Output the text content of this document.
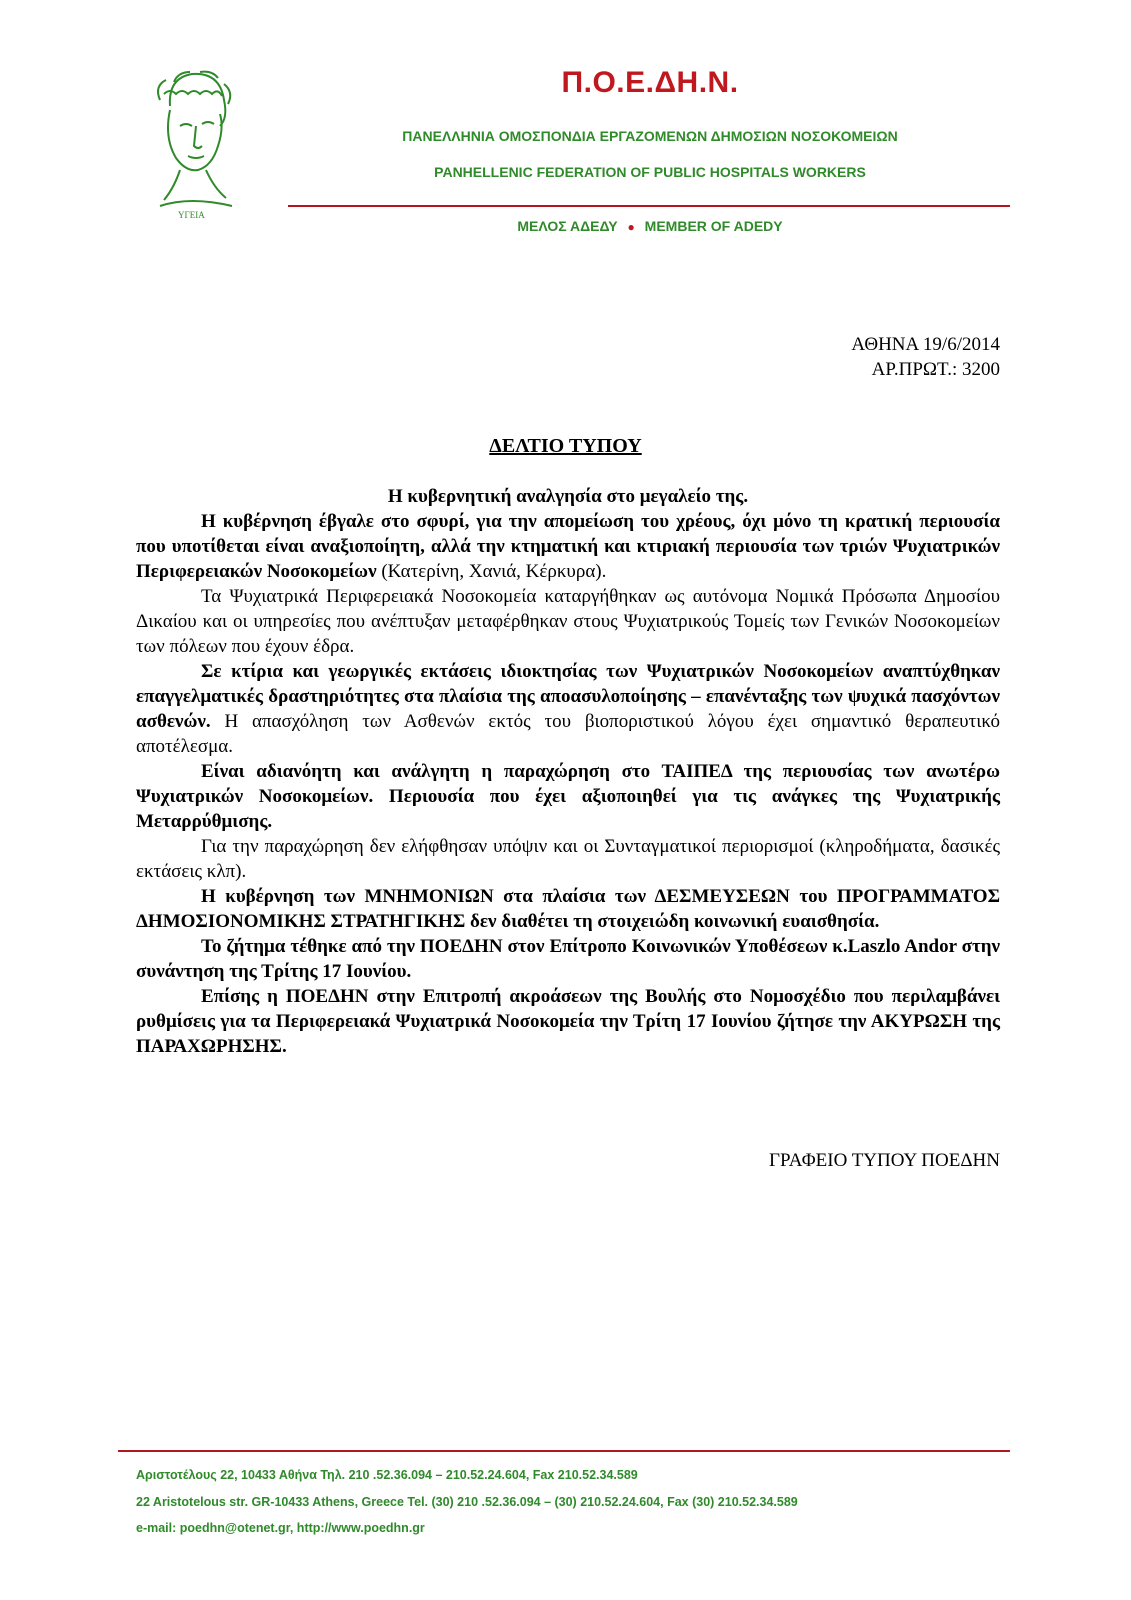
ΥΓΕΙΑ
Π.Ο.Ε.ΔΗ.Ν.
ΠΑΝΕΛΛΗΝΙΑ ΟΜΟΣΠΟΝΔΙΑ ΕΡΓΑΖΟΜΕΝΩΝ ΔΗΜΟΣΙΩΝ ΝΟΣΟΚΟΜΕΙΩΝ
PANHELLENIC FEDERATION OF PUBLIC HOSPITALS WORKERS
ΜΕΛΟΣ ΑΔΕΔΥ ● MEMBER OF ADEDY
ΑΘΗΝΑ 19/6/2014
ΑΡ.ΠΡΩΤ.: 3200
ΔΕΛΤΙΟ ΤΥΠΟΥ

Η κυβερνητική αναλγησία στο μεγαλείο της.

Η κυβέρνηση έβγαλε στο σφυρί, για την απομείωση του χρέους, όχι μόνο τη κρατική περιουσία που υποτίθεται είναι αναξιοποίητη, αλλά την κτηματική και κτιριακή περιουσία των τριών Ψυχιατρικών Περιφερειακών Νοσοκομείων (Κατερίνη, Χανιά, Κέρκυρα).

Τα Ψυχιατρικά Περιφερειακά Νοσοκομεία καταργήθηκαν ως αυτόνομα Νομικά Πρόσωπα Δημοσίου Δικαίου και οι υπηρεσίες που ανέπτυξαν μεταφέρθηκαν στους Ψυχιατρικούς Τομείς των Γενικών Νοσοκομείων των πόλεων που έχουν έδρα.

Σε κτίρια και γεωργικές εκτάσεις ιδιοκτησίας των Ψυχιατρικών Νοσοκομείων αναπτύχθηκαν επαγγελματικές δραστηριότητες στα πλαίσια της αποασυλοποίησης – επανένταξης των ψυχικά πασχόντων ασθενών. Η απασχόληση των Ασθενών εκτός του βιοποριστικού λόγου έχει σημαντικό θεραπευτικό αποτέλεσμα.

Είναι αδιανόητη και ανάλγητη η παραχώρηση στο ΤΑΙΠΕΔ της περιουσίας των ανωτέρω Ψυχιατρικών Νοσοκομείων. Περιουσία που έχει αξιοποιηθεί για τις ανάγκες της Ψυχιατρικής Μεταρρύθμισης.

Για την παραχώρηση δεν ελήφθησαν υπόψιν και οι Συνταγματικοί περιορισμοί (κληροδήματα, δασικές εκτάσεις κλπ).

Η κυβέρνηση των ΜΝΗΜΟΝΙΩΝ στα πλαίσια των ΔΕΣΜΕΥΣΕΩΝ του ΠΡΟΓΡΑΜΜΑΤΟΣ ΔΗΜΟΣΙΟΝΟΜΙΚΗΣ ΣΤΡΑΤΗΓΙΚΗΣ δεν διαθέτει τη στοιχειώδη κοινωνική ευαισθησία.

Το ζήτημα τέθηκε από την ΠΟΕΔΗΝ στον Επίτροπο Κοινωνικών Υποθέσεων κ.Laszlo Andor στην συνάντηση της Τρίτης 17 Ιουνίου.

Επίσης η ΠΟΕΔΗΝ στην Επιτροπή ακροάσεων της Βουλής στο Νομοσχέδιο που περιλαμβάνει ρυθμίσεις για τα Περιφερειακά Ψυχιατρικά Νοσοκομεία την Τρίτη 17 Ιουνίου ζήτησε την ΑΚΥΡΩΣΗ της ΠΑΡΑΧΩΡΗΣΗΣ.

ΓΡΑΦΕΙΟ ΤΥΠΟΥ ΠΟΕΔΗΝ
Αριστοτέλους 22, 10433 Αθήνα Τηλ. 210 .52.36.094 – 210.52.24.604, Fax 210.52.34.589
22 Aristotelous str. GR-10433 Athens, Greece Tel. (30) 210 .52.36.094 – (30) 210.52.24.604, Fax (30) 210.52.34.589
e-mail: poedhn@otenet.gr, http://www.poedhn.gr
